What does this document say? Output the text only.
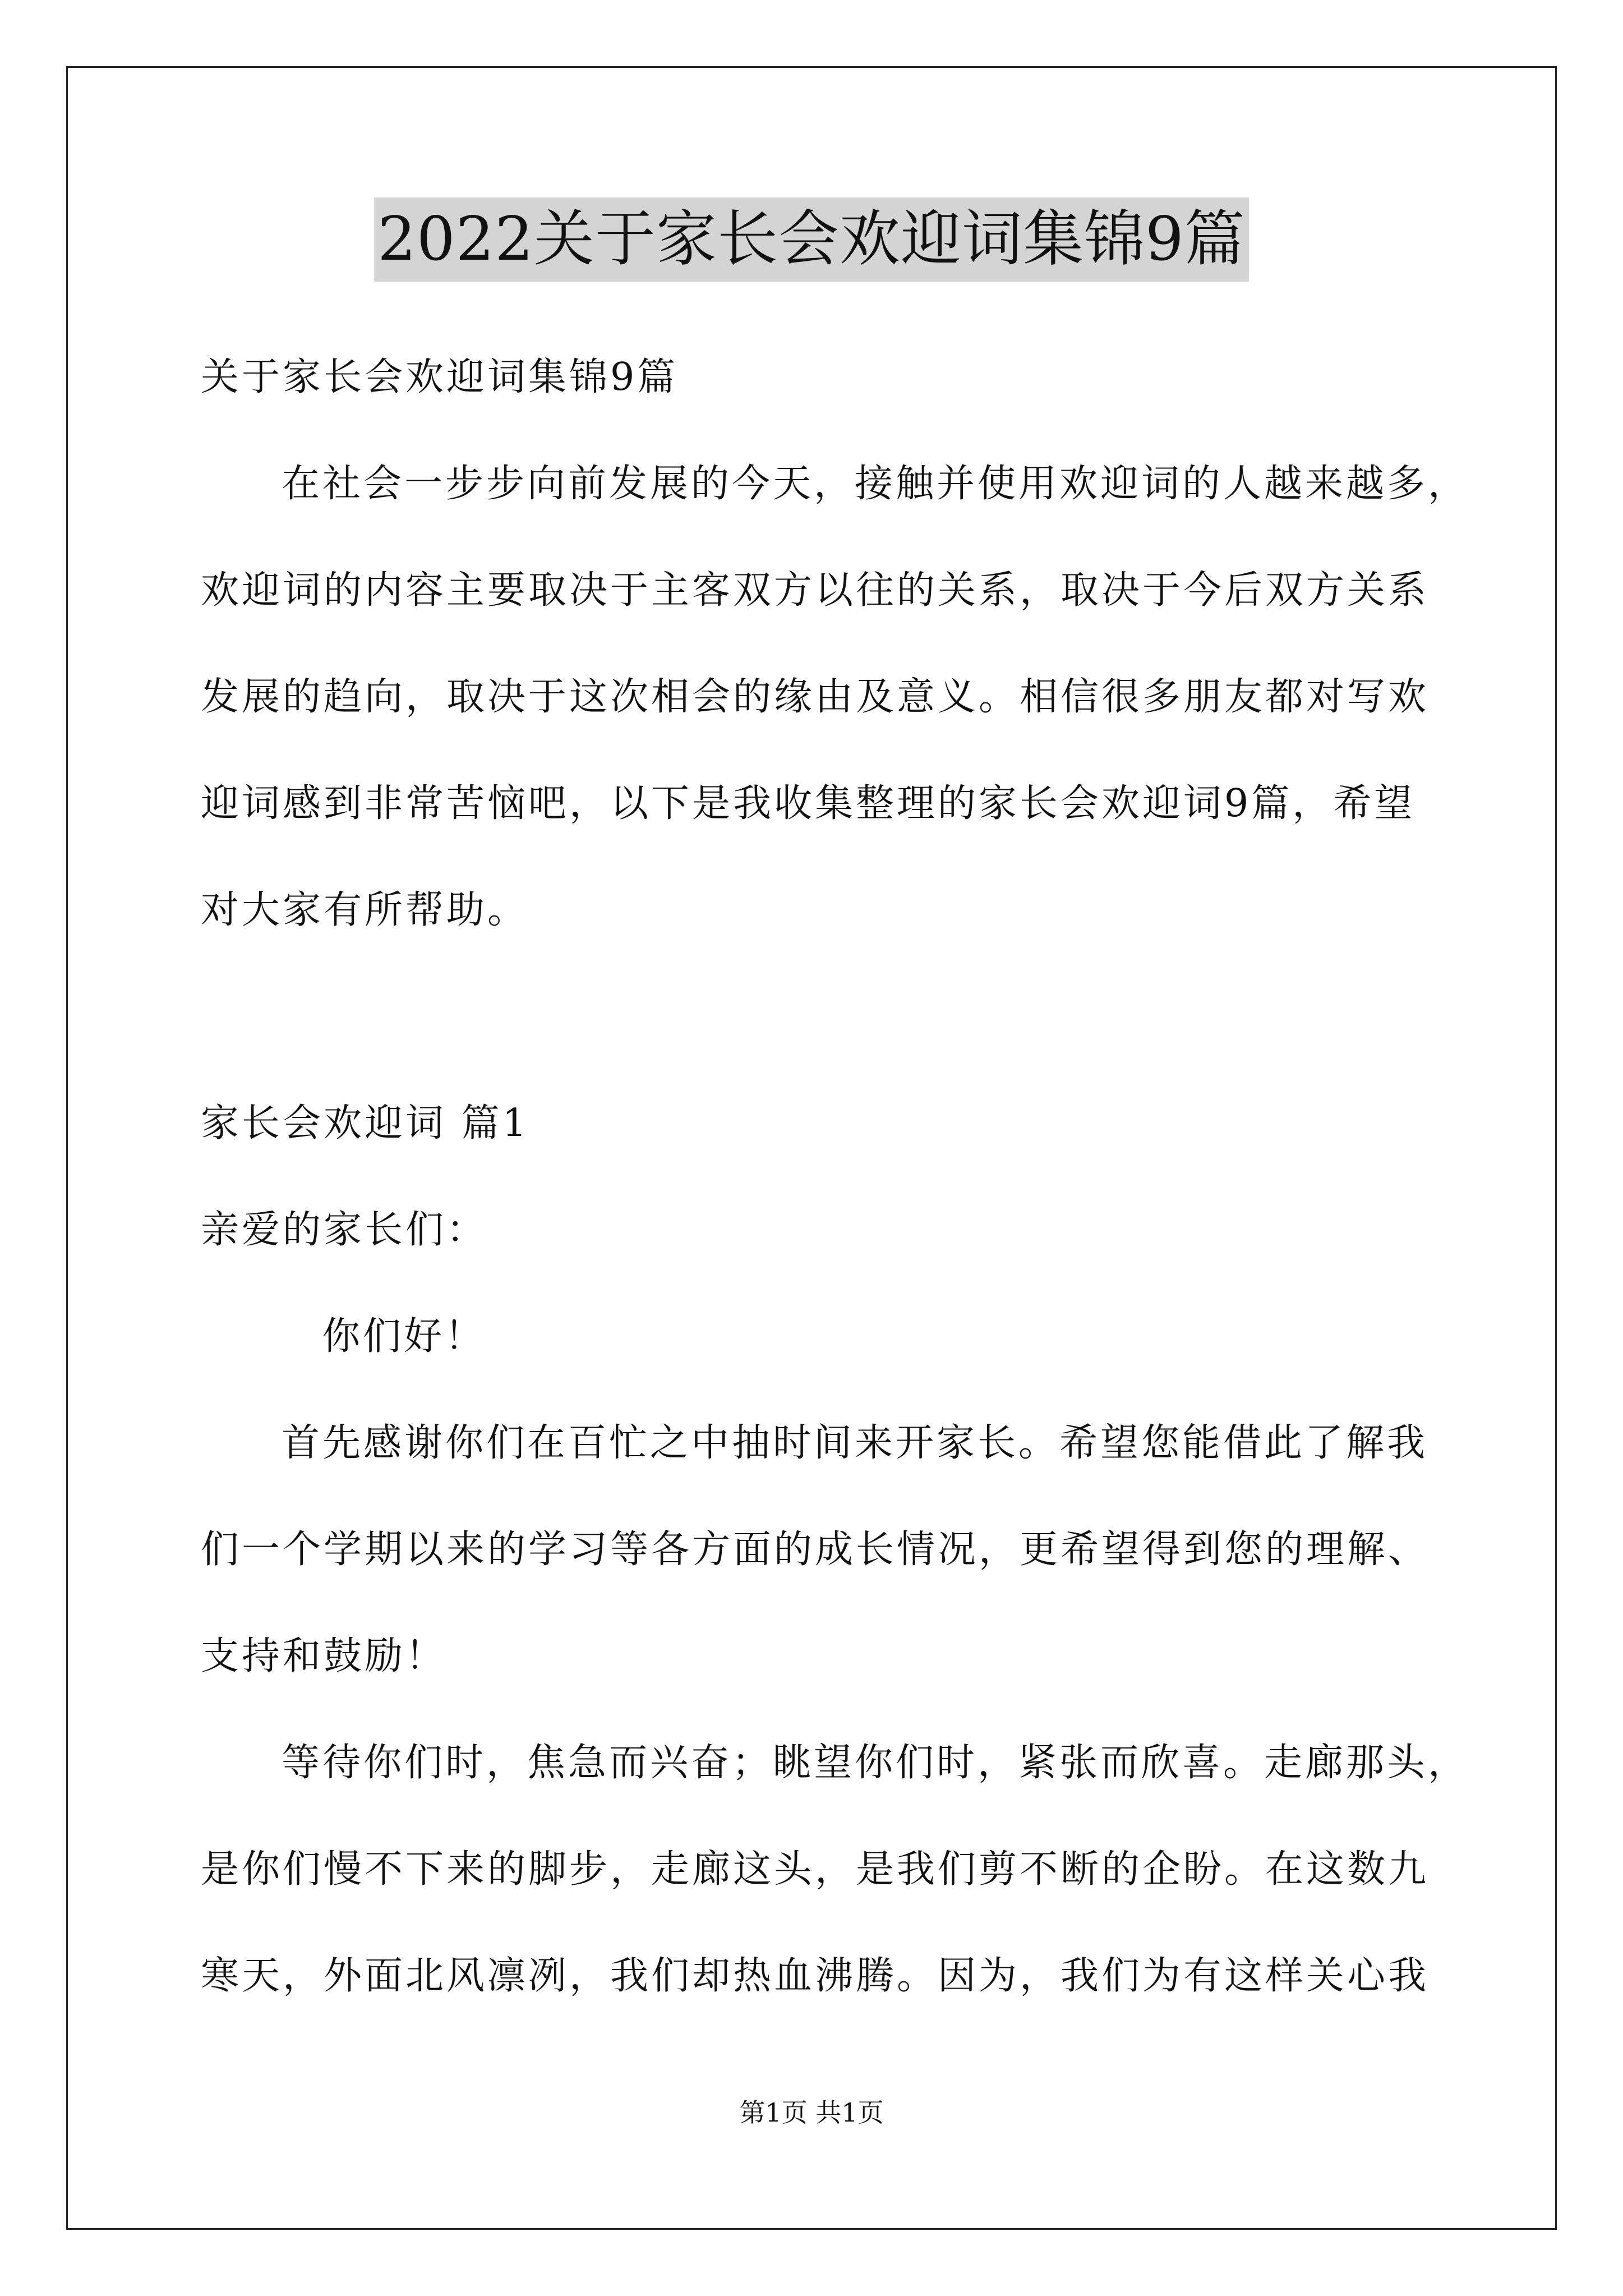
2022关于家长会欢迎词集锦9篇
关于家长会欢迎词集锦9篇
在社会一步步向前发展的今天，接触并使用欢迎词的人越来越多，
欢迎词的内容主要取决于主客双方以往的关系，取决于今后双方关系
发展的趋向，取决于这次相会的缘由及意义。相信很多朋友都对写欢
迎词感到非常苦恼吧，以下是我收集整理的家长会欢迎词9篇，希望
对大家有所帮助。
家长会欢迎词 篇1
亲爱的家长们：
你们好！
首先感谢你们在百忙之中抽时间来开家长。希望您能借此了解我
们一个学期以来的学习等各方面的成长情况，更希望得到您的理解、
支持和鼓励！
等待你们时，焦急而兴奋；眺望你们时，紧张而欣喜。走廊那头，
是你们慢不下来的脚步，走廊这头，是我们剪不断的企盼。在这数九
寒天，外面北风凛冽，我们却热血沸腾。因为，我们为有这样关心我
第1页 共1页
